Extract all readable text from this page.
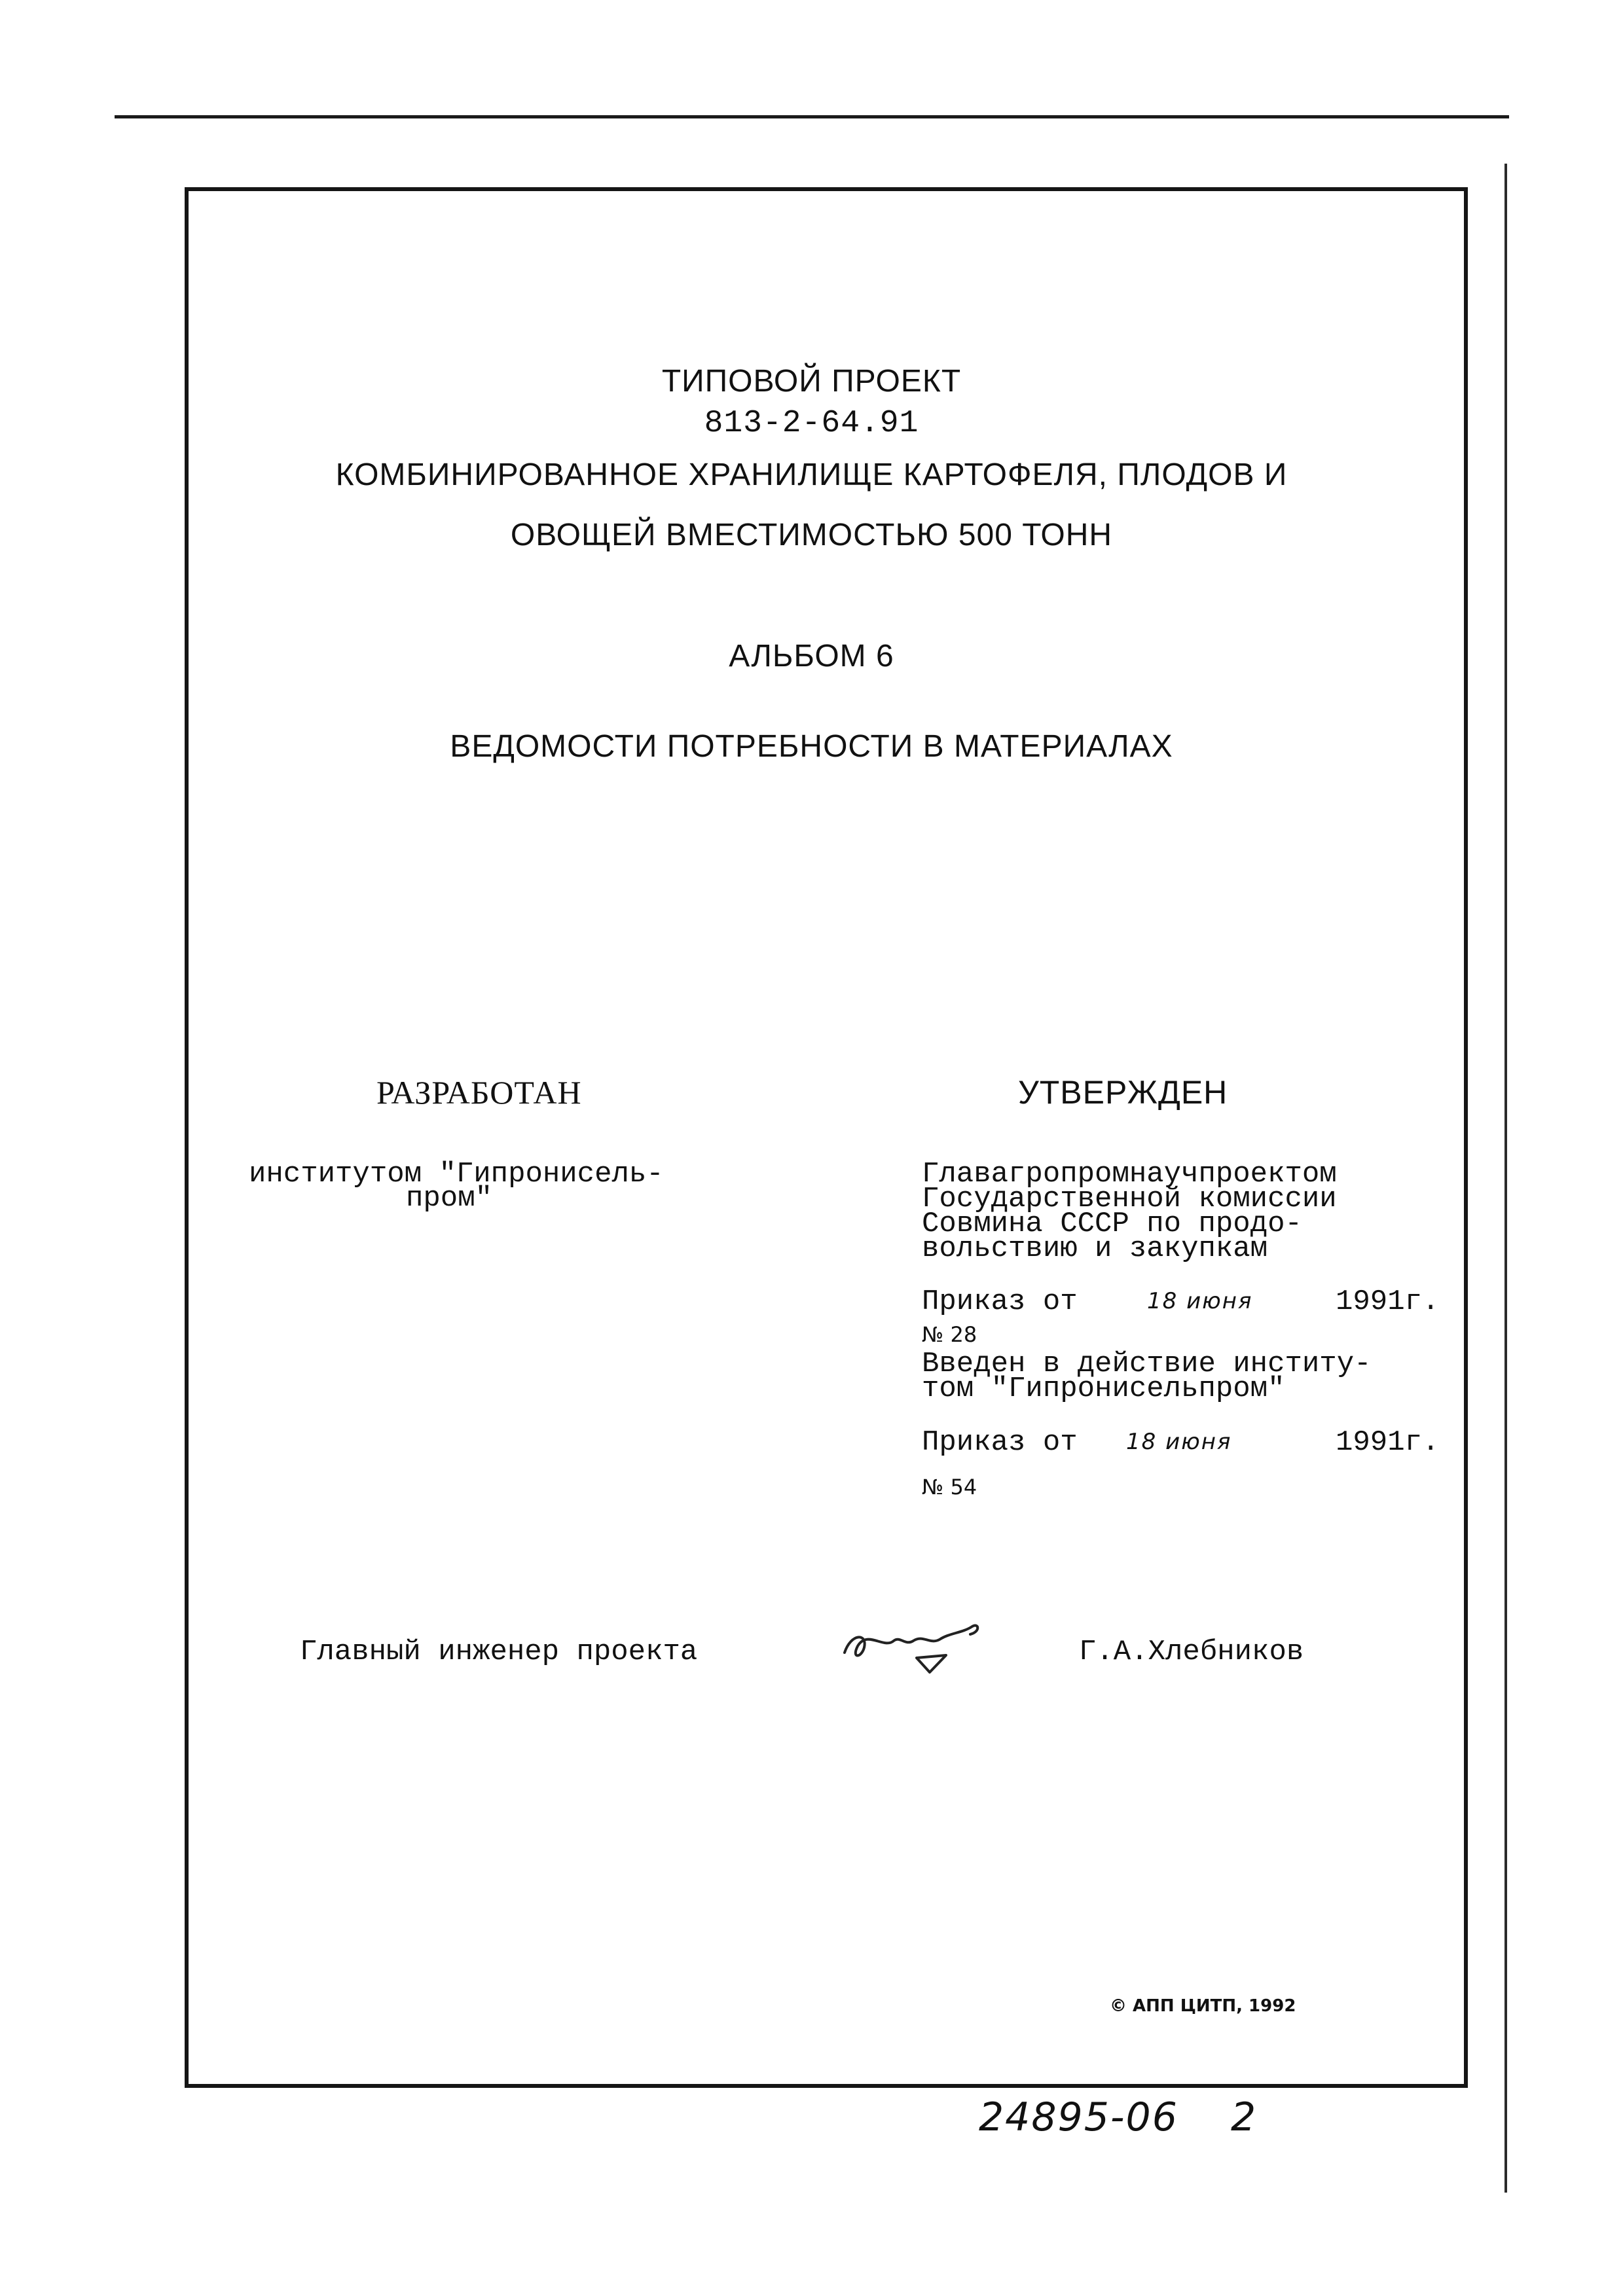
ТИПОВОЙ ПРОЕКТ
813-2-64.91
КОМБИНИРОВАННОЕ ХРАНИЛИЩЕ КАРТОФЕЛЯ, ПЛОДОВ И
ОВОЩЕЙ ВМЕСТИМОСТЬЮ 500 ТОНН
АЛЬБОМ 6
ВЕДОМОСТИ ПОТРЕБНОСТИ В МАТЕРИАЛАХ
РАЗРАБОТАН
институтом "Гипронисель-
пром"
УТВЕРЖДЕН
Главагропромнаучпроектом
Государственной комиссии
Совмина СССР по продо-
вольствию и закупкам
Приказ от	18 июня	1991г.
№ 28
Введен в действие институ-
том "Гипронисельпром"
Приказ от 18 июня	1991г.
№ 54
Главный инженер проекта	Г.А.Хлебников
© АПП ЦИТП, 1992
24895-06 2
